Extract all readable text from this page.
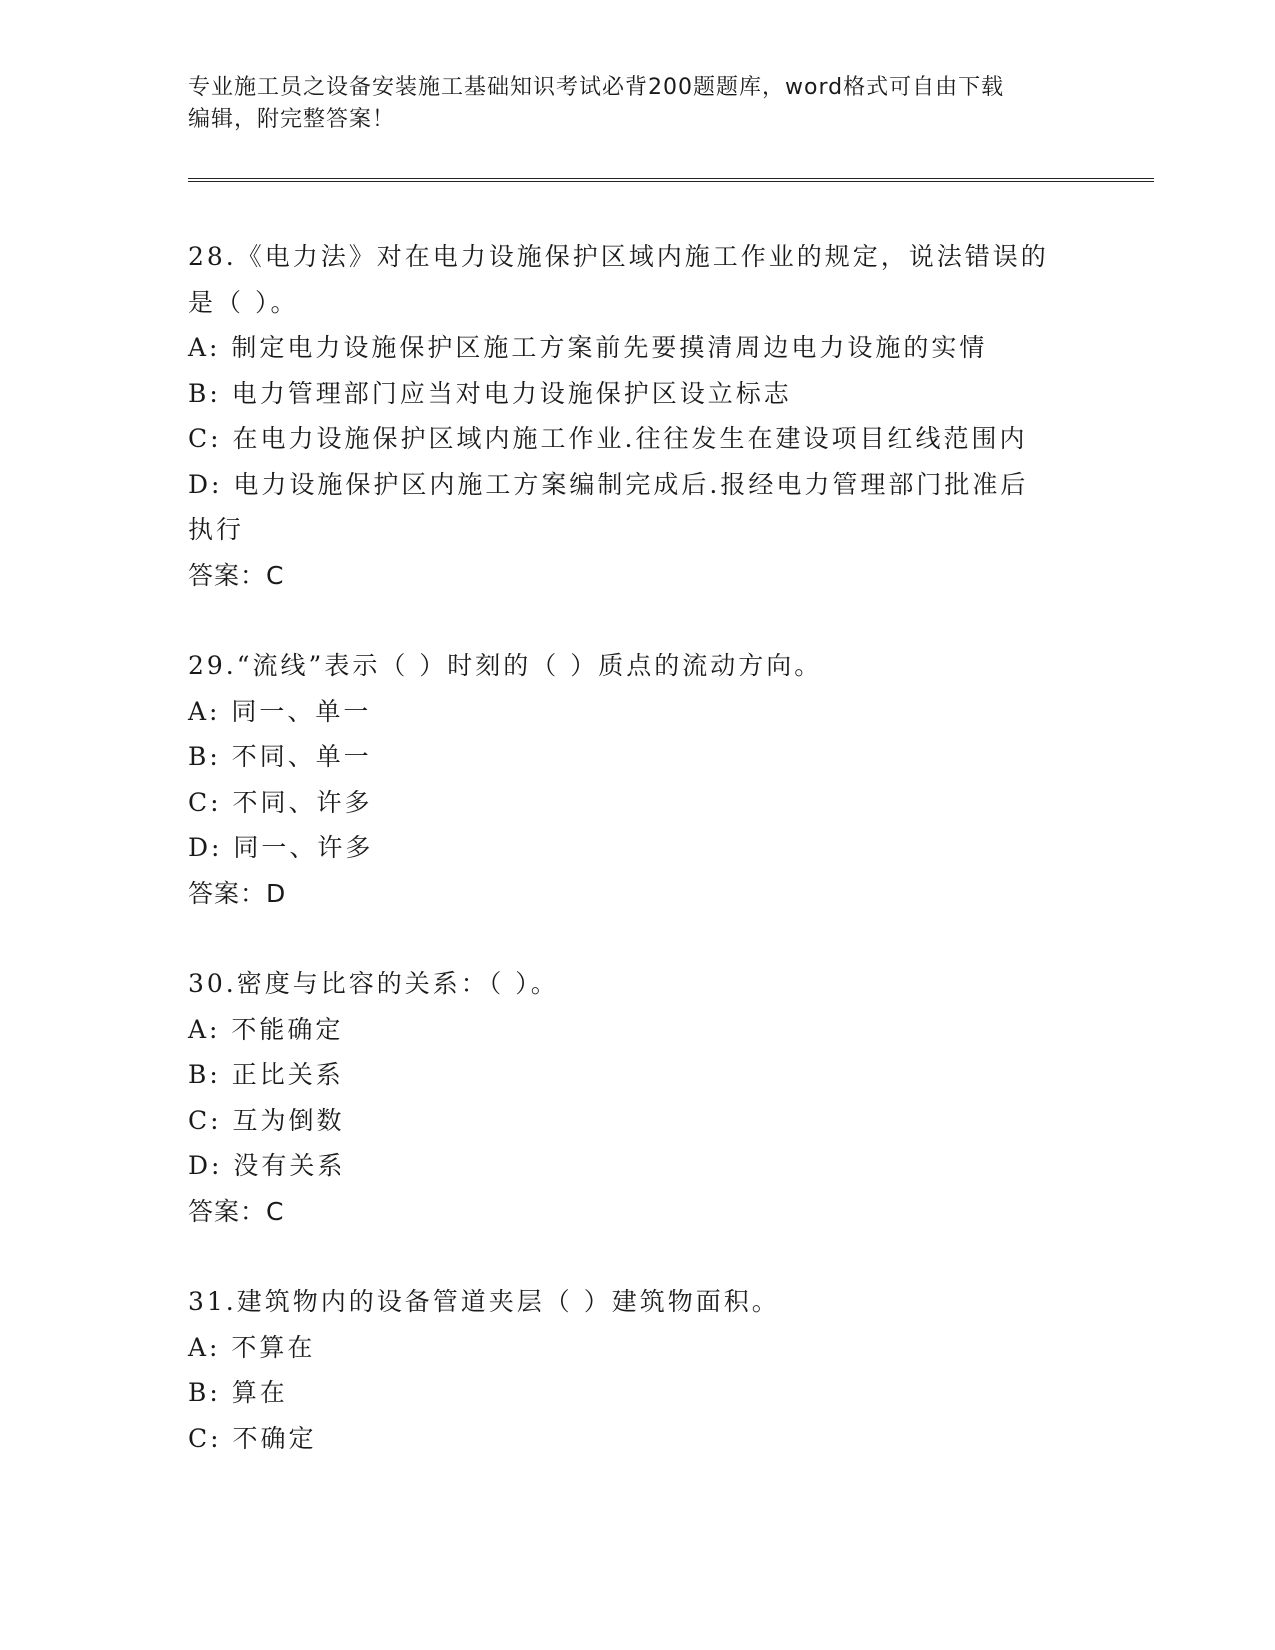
专业施工员之设备安装施工基础知识考试必背200题题库，word格式可自由下载
编辑，附完整答案！
28.《电力法》对在电力设施保护区域内施工作业的规定，说法错误的
是（ ）。
A: 制定电力设施保护区施工方案前先要摸清周边电力设施的实情
B: 电力管理部门应当对电力设施保护区设立标志
C: 在电力设施保护区域内施工作业.往往发生在建设项目红线范围内
D: 电力设施保护区内施工方案编制完成后.报经电力管理部门批准后
执行
答案：C
29.“流线”表示（ ）时刻的（ ）质点的流动方向。
A: 同一、单一
B: 不同、单一
C: 不同、许多
D: 同一、许多
答案：D
30.密度与比容的关系：（ ）。
A: 不能确定
B: 正比关系
C: 互为倒数
D: 没有关系
答案：C
31.建筑物内的设备管道夹层（ ）建筑物面积。
A: 不算在
B: 算在
C: 不确定
